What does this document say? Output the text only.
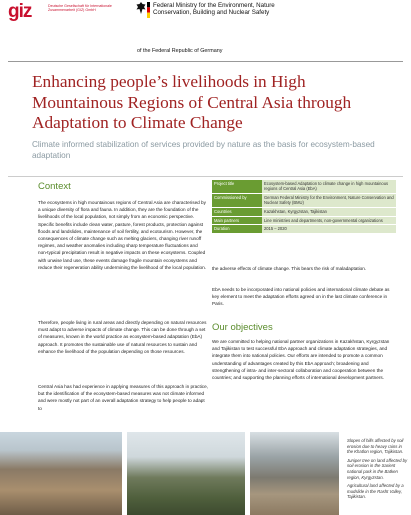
giz	Deutsche Gesellschaft für Internationale Zusammenarbeit (GIZ) GmbH
Federal Ministry for the Environment, Nature Conservation, Building and Nuclear Safety
of the Federal Republic of Germany
Enhancing people’s livelihoods in High Mountainous Regions of Central Asia through Adaptation to Climate Change
Climate informed stabilization of services provided by nature as the basis for ecosystem-based adaptation
Context
The ecosystems in high mountainous regions of Central Asia are characterised by a unique diversity of flora and fauna. In addition, they are the foundation of the livelihoods of the local population, not simply from an economic perspective. Specific benefits include clean water, pasture, forest products, protection against floods and landslides, maintenance of soil fertility, and ecotourism. However, the consequences of climate change such as melting glaciers, changing river runoff regimes, and weather anomalies including sharp temperature fluctuations and non-typical precipitation result in negative impacts on these ecosystems. Coupled with unwise land use, these events damage fragile mountain ecosystems and reduce their regeneration ability undermining the livelihood of the local population.
Therefore, people living in rural areas and directly depending on natural resources must adapt to adverse impacts of climate change. This can be done through a set of measures, known in the world practice as ecosystem-based adaptation (EbA) approach. It promotes the sustainable use of natural resources to sustain and enhance the livelihood of the population depending on those resources.
Central Asia has had experience in applying measures of this approach in practice, but the identification of the ecosystem-based measures was not climate informed and were mostly not part of an overall adaptation strategy to help people to adapt to
Project title	Ecosystem-based Adaptation to climate change in high mountainous regions of Central Asia (EbA)
Commissioned by	German Federal Ministry for the Environment, Nature Conservation and Nuclear Safety (BMU)
Countries	Kazakhstan, Kyrgyzstan, Tajikistan
Main partners	Line ministries and departments, non-governmental organizations
Duration	2015 – 2020
the adverse effects of climate change. This bears the risk of maladaptation.
EbA needs to be incorporated into national policies and international climate debate as key element to meet the adaptation efforts agreed on in the last climate conference in Paris.
Our objectives
We are committed to helping national partner organizations in Kazakhstan, Kyrgyzstan and Tajikistan to test successful EbA approach and climate adaptation strategies, and integrate them into national policies. Our efforts are intended to promote a common understanding of advantages created by this EbA approach; broadening and strengthening of intra- and inter-sectoral collaboration and cooperation between the countries; and supporting the planning efforts of international development partners.

Slopes of hills affected by soil erosion due to heavy rains in the Khatlon region, Tajikistan.

Juniper tree on land affected by soil erosion in the Sarient national park in the Batken region, Kyrgyzstan.

Agricultural land affected by a mudslide in the Rasht Valley, Tajikistan.
